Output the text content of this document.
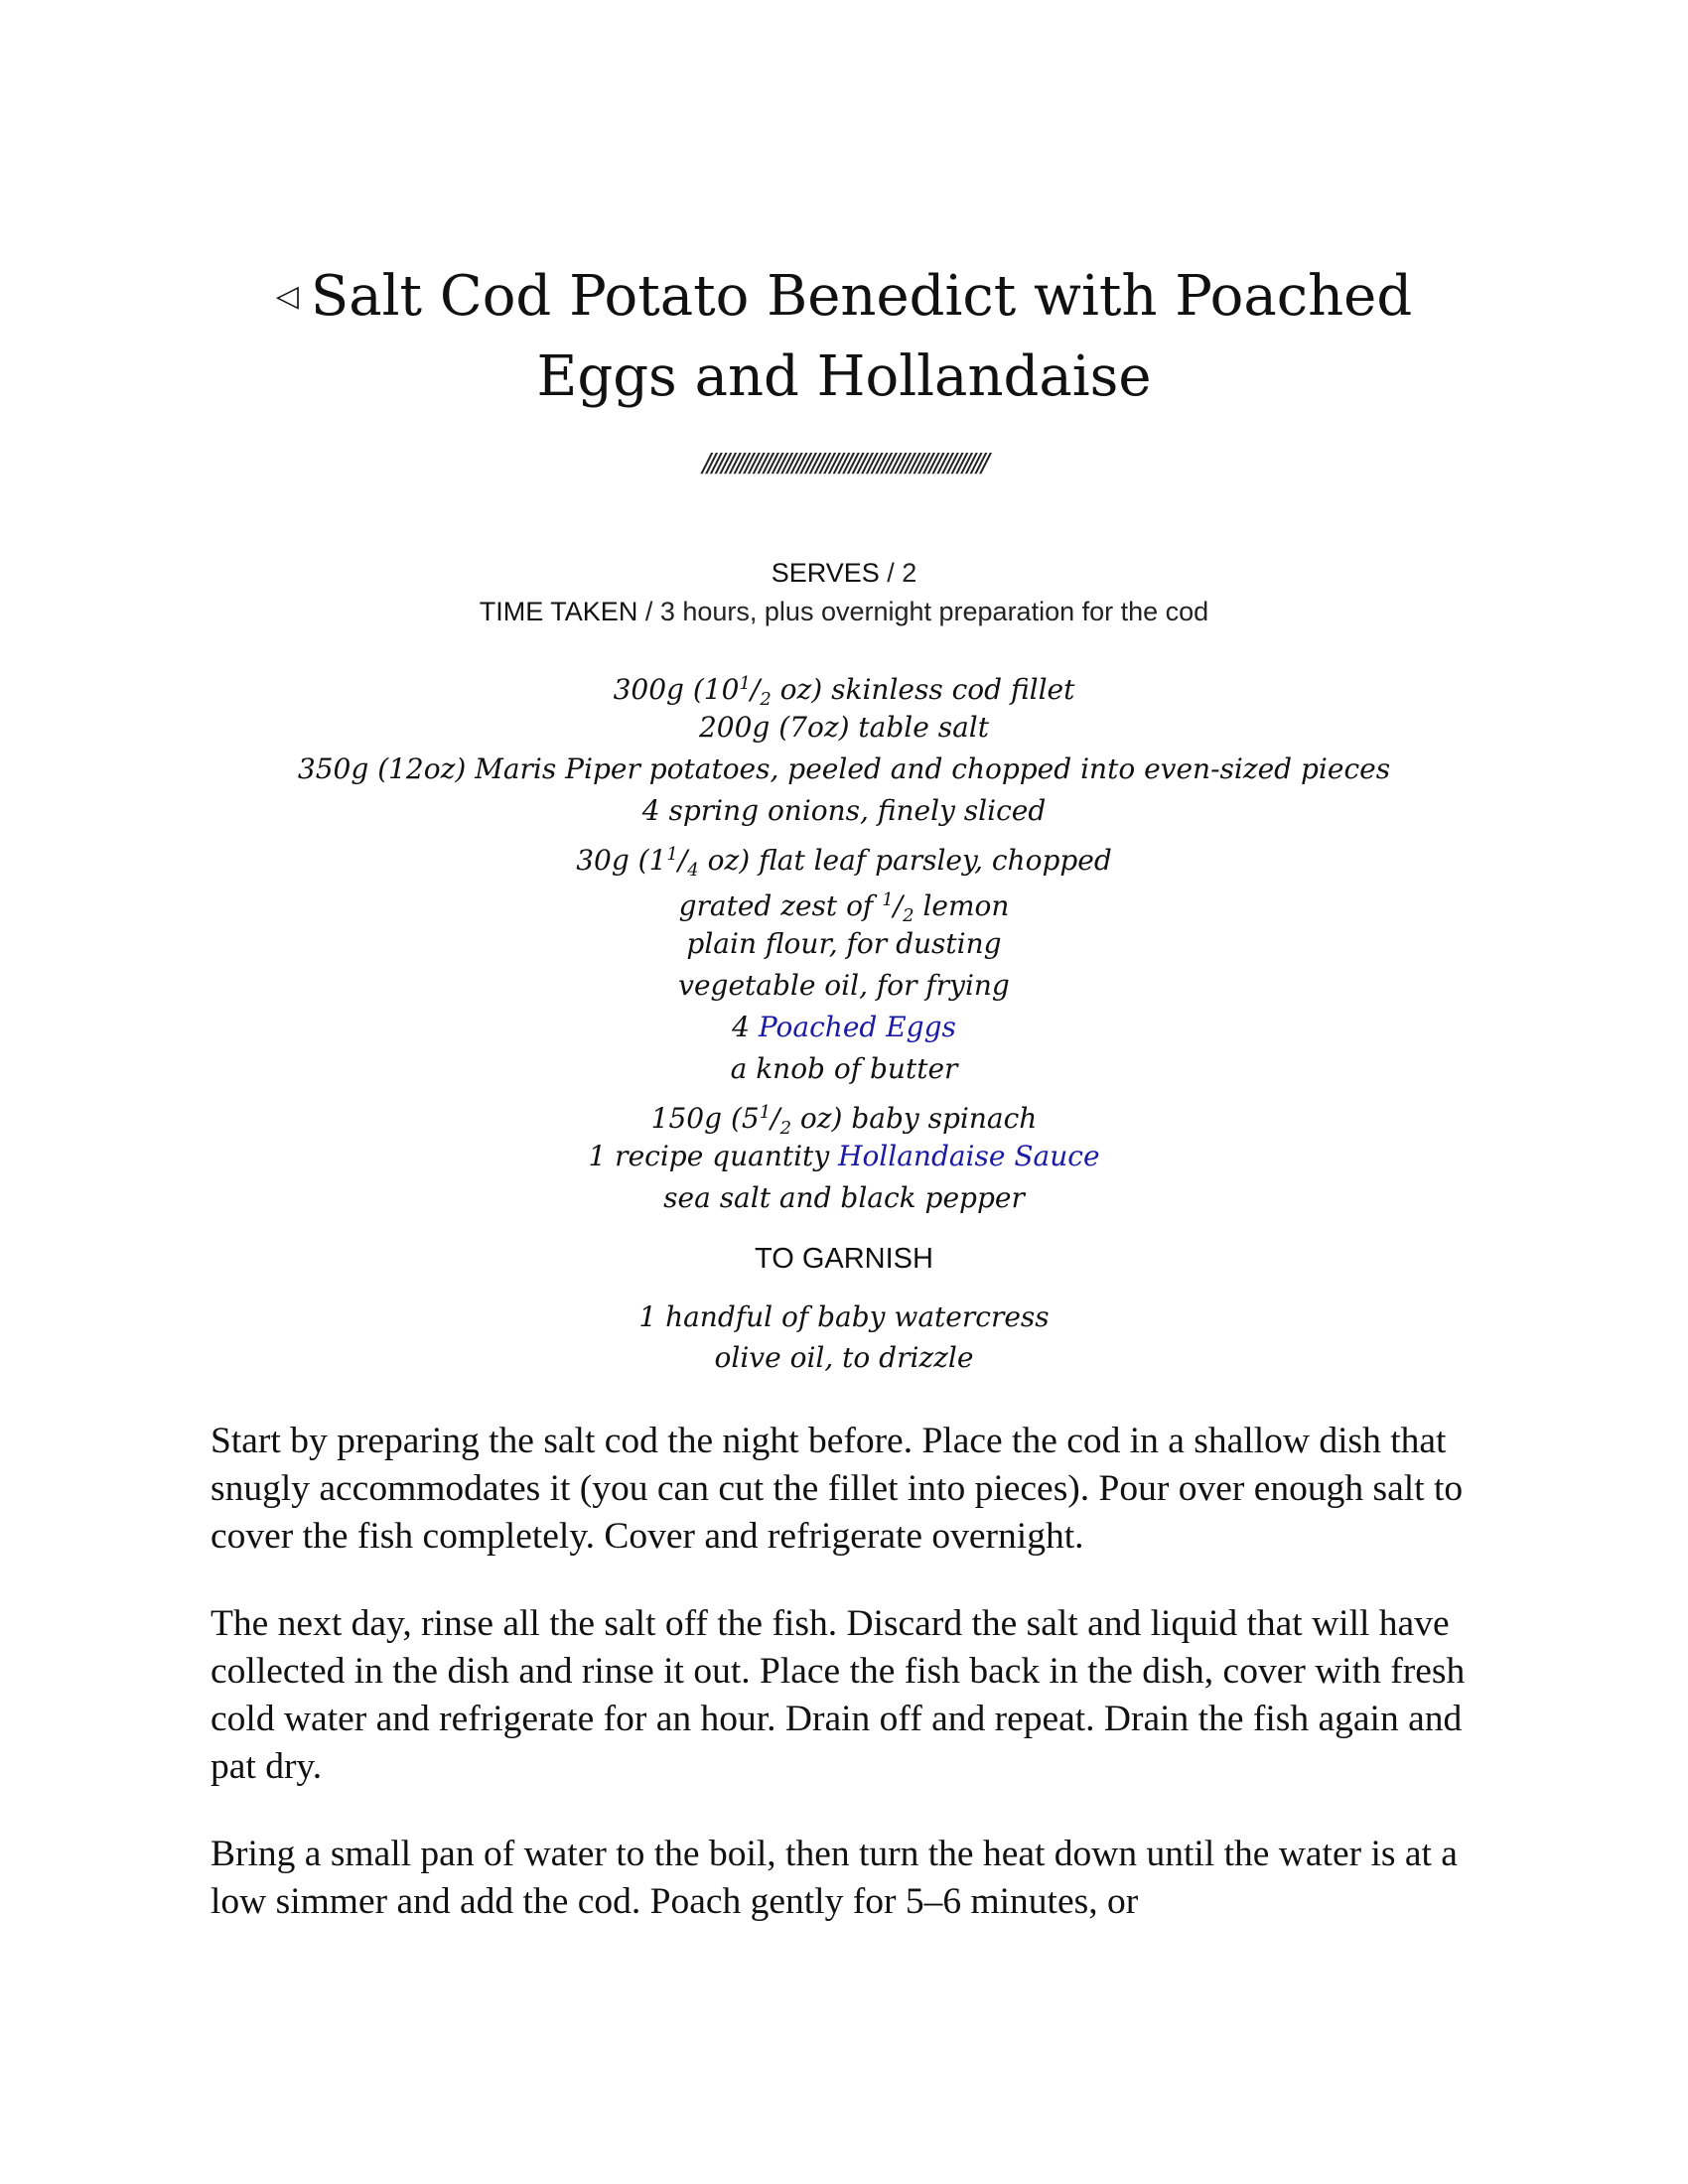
◁ Salt Cod Potato Benedict with Poached Eggs and Hollandaise
////////////////////////////////////////////////////////////
SERVES / 2
TIME TAKEN / 3 hours, plus overnight preparation for the cod
300g ($10^1/_2$ oz) skinless cod fillet
200g (7oz) table salt
350g (12oz) Maris Piper potatoes, peeled and chopped into even-sized pieces
4 spring onions, finely sliced
30g ($1^1/_4$ oz) flat leaf parsley, chopped
grated zest of $^1/_2$ lemon
plain flour, for dusting
vegetable oil, for frying
4 Poached Eggs
a knob of butter
150g ($5^1/_2$ oz) baby spinach
1 recipe quantity Hollandaise Sauce
sea salt and black pepper
TO GARNISH
1 handful of baby watercress
olive oil, to drizzle

Start by preparing the salt cod the night before. Place the cod in a shallow dish that snugly accommodates it (you can cut the fillet into pieces). Pour over enough salt to cover the fish completely. Cover and refrigerate overnight.

The next day, rinse all the salt off the fish. Discard the salt and liquid that will have collected in the dish and rinse it out. Place the fish back in the dish, cover with fresh cold water and refrigerate for an hour. Drain off and repeat. Drain the fish again and pat dry.

Bring a small pan of water to the boil, then turn the heat down until the water is at a low simmer and add the cod. Poach gently for 5–6 minutes, or
